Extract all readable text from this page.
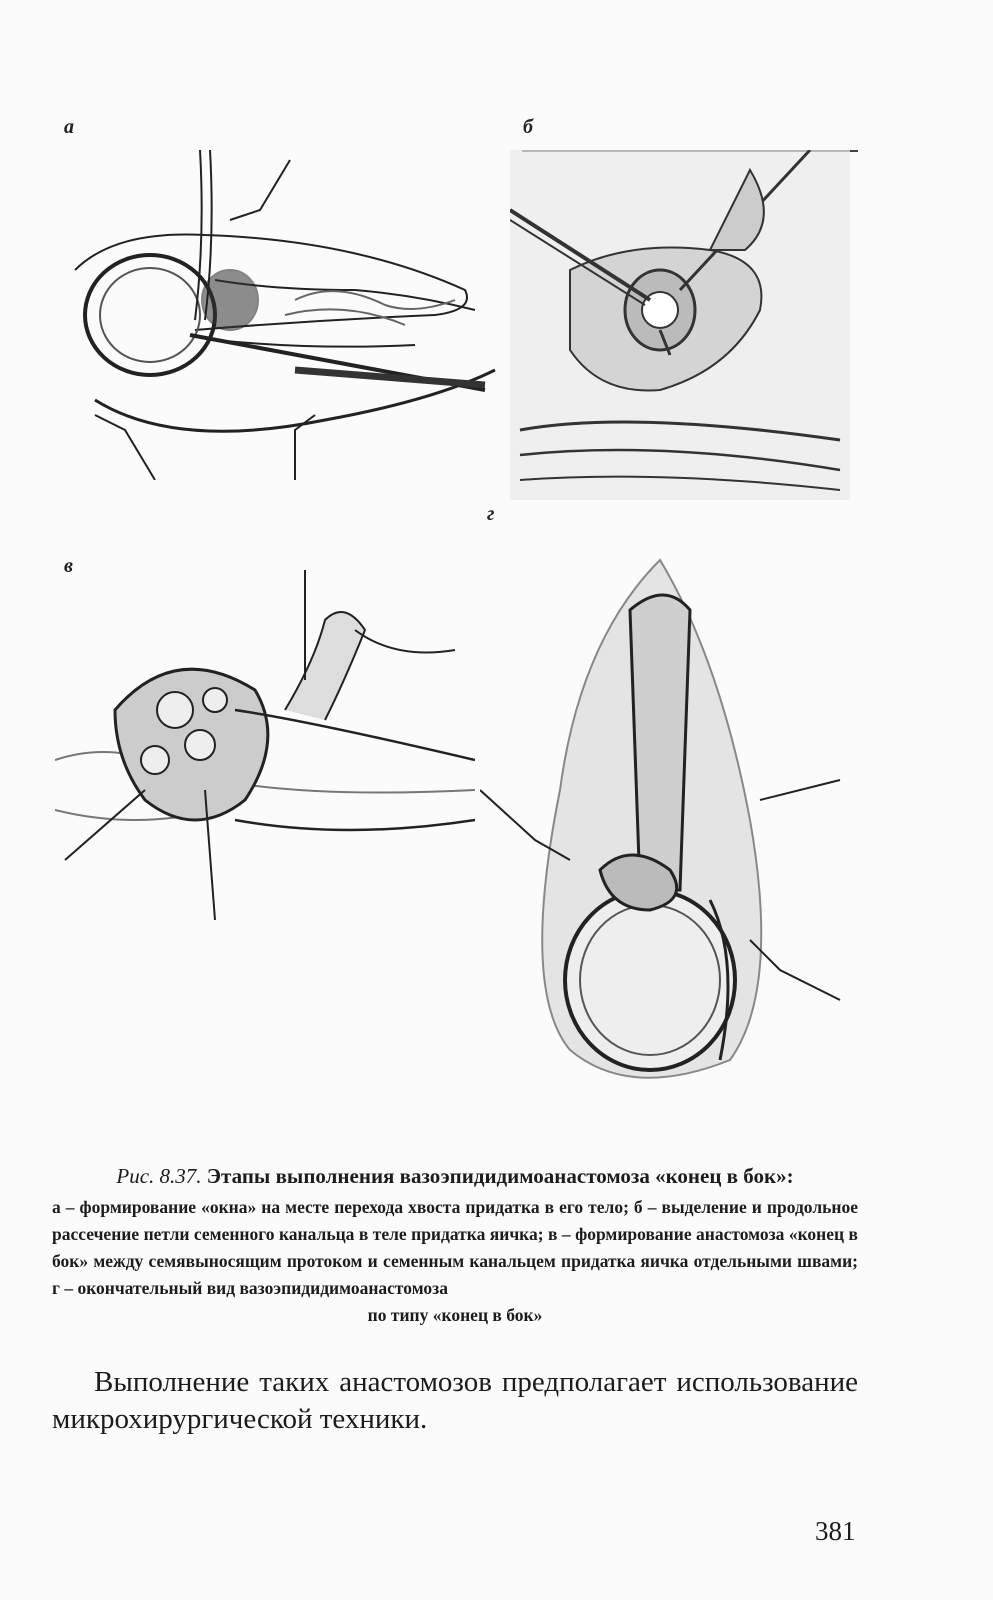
а	б
в
г
Рис. 8.37. Этапы выполнения вазоэпидидимоанастомоза «конец в бок»:
а – формирование «окна» на месте перехода хвоста придатка в его тело; б – выделение и продольное рассечение петли семенного канальца в теле придатка яичка; в – формирование анастомоза «конец в бок» между семявыносящим протоком и семенным канальцем придатка яичка отдельными швами; г – окончательный вид вазоэпидидимоанастомоза
по типу «конец в бок»
Выполнение таких анастомозов предполагает использование микрохирургической техники.
381
